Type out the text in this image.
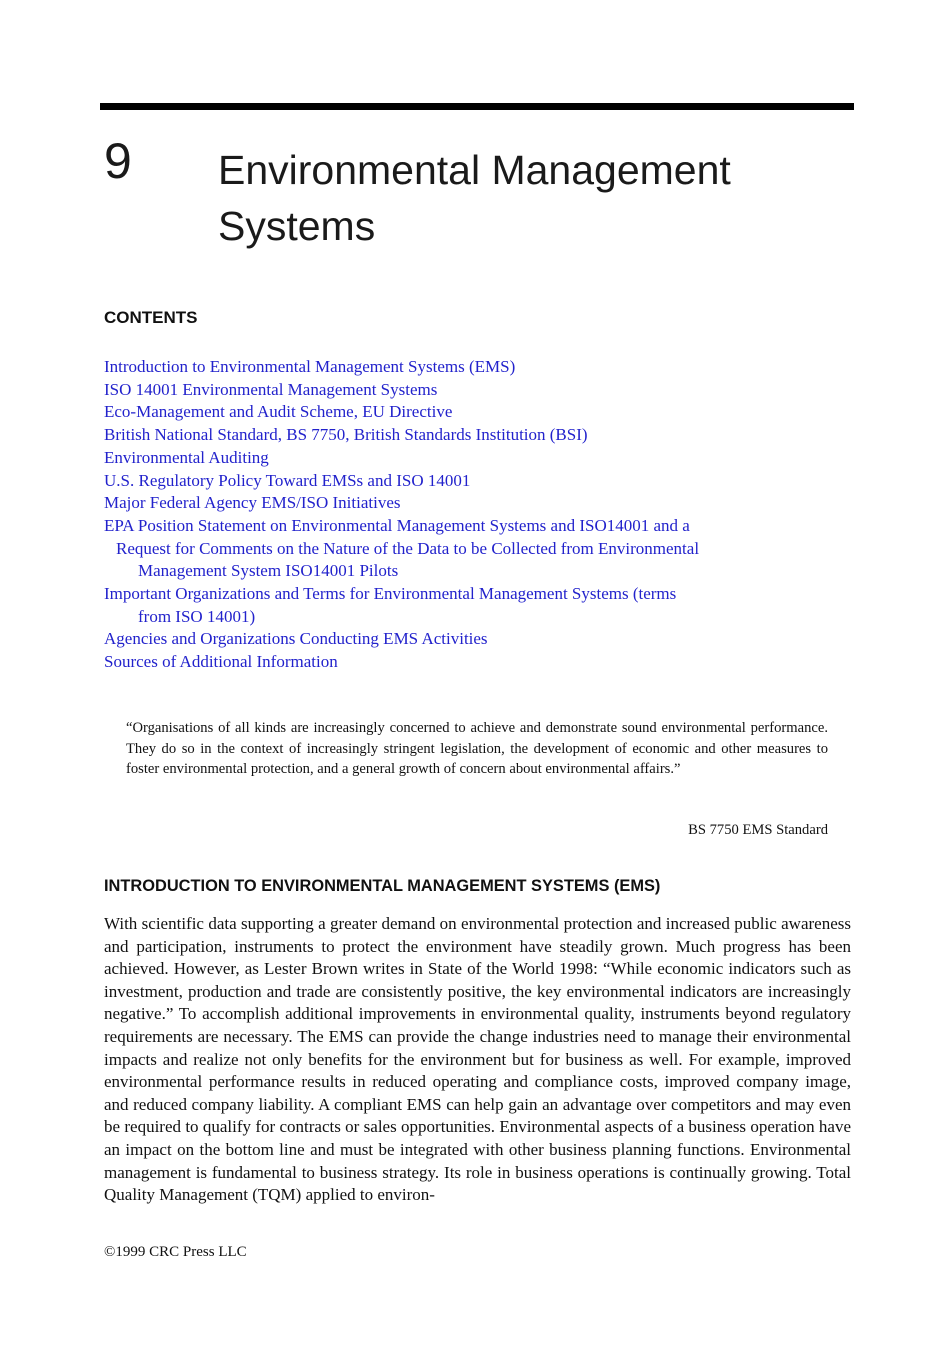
9 Environmental Management
Systems
CONTENTS
Introduction to Environmental Management Systems (EMS)
ISO 14001 Environmental Management Systems
Eco-Management and Audit Scheme, EU Directive
British National Standard, BS 7750, British Standards Institution (BSI)
Environmental Auditing
U.S. Regulatory Policy Toward EMSs and ISO 14001
Major Federal Agency EMS/ISO Initiatives
EPA Position Statement on Environmental Management Systems and ISO14001 and a
Request for Comments on the Nature of the Data to be Collected from Environmental
Management System ISO14001 Pilots
Important Organizations and Terms for Environmental Management Systems (terms
from ISO 14001)
Agencies and Organizations Conducting EMS Activities
Sources of Additional Information

“Organisations of all kinds are increasingly concerned to achieve and demonstrate sound environmental performance. They do so in the context of increasingly stringent legislation, the development of economic and other measures to foster environmental protection, and a general growth of concern about environmental affairs.”

BS 7750 EMS Standard

INTRODUCTION TO ENVIRONMENTAL MANAGEMENT SYSTEMS (EMS)

With scientific data supporting a greater demand on environmental protection and increased public awareness and participation, instruments to protect the environment have steadily grown. Much progress has been achieved. However, as Lester Brown writes in State of the World 1998: “While economic indicators such as investment, production and trade are consistently positive, the key environmental indicators are increasingly negative.” To accomplish additional improvements in environmental quality, instruments beyond regulatory requirements are necessary. The EMS can provide the change industries need to manage their environmental impacts and realize not only benefits for the environment but for business as well. For example, improved environmental performance results in reduced operating and compliance costs, improved company image, and reduced company liability. A compliant EMS can help gain an advantage over competitors and may even be required to qualify for contracts or sales opportunities. Environmental aspects of a business operation have an impact on the bottom line and must be integrated with other business planning functions. Environmental management is fundamental to business strategy. Its role in business operations is continually growing. Total Quality Management (TQM) applied to environ-

©1999 CRC Press LLC
